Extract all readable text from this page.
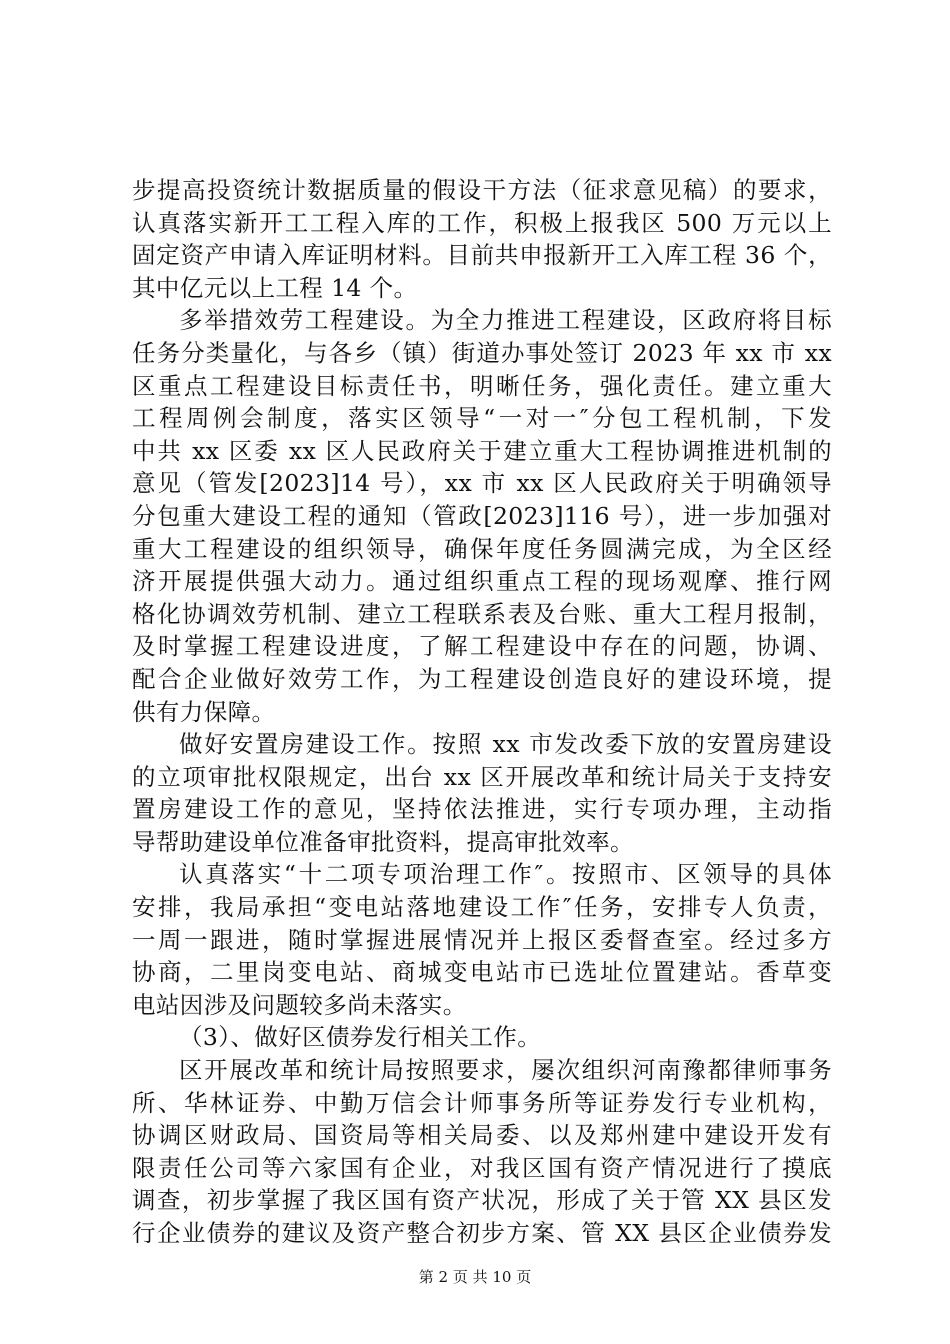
步提高投资统计数据质量的假设干方法（征求意见稿）的要求，
认真落实新开工工程入库的工作，积极上报我区 500 万元以上
固定资产申请入库证明材料。目前共申报新开工入库工程 36 个，
其中亿元以上工程 14 个。
多举措效劳工程建设。为全力推进工程建设，区政府将目标
任务分类量化，与各乡（镇）街道办事处签订 2023 年 xx 市 xx
区重点工程建设目标责任书，明晰任务，强化责任。建立重大
工程周例会制度，落实区领导“一对一″分包工程机制，下发
中共 xx 区委 xx 区人民政府关于建立重大工程协调推进机制的
意见（管发[2023]14 号），xx 市 xx 区人民政府关于明确领导
分包重大建设工程的通知（管政[2023]116 号），进一步加强对
重大工程建设的组织领导，确保年度任务圆满完成，为全区经
济开展提供强大动力。通过组织重点工程的现场观摩、推行网
格化协调效劳机制、建立工程联系表及台账、重大工程月报制，
及时掌握工程建设进度，了解工程建设中存在的问题，协调、
配合企业做好效劳工作，为工程建设创造良好的建设环境，提
供有力保障。
做好安置房建设工作。按照 xx 市发改委下放的安置房建设
的立项审批权限规定，出台 xx 区开展改革和统计局关于支持安
置房建设工作的意见，坚持依法推进，实行专项办理，主动指
导帮助建设单位准备审批资料，提高审批效率。
认真落实“十二项专项治理工作″。按照市、区领导的具体
安排，我局承担“变电站落地建设工作″任务，安排专人负责，
一周一跟进，随时掌握进展情况并上报区委督查室。经过多方
协商，二里岗变电站、商城变电站市已选址位置建站。香草变
电站因涉及问题较多尚未落实。
（3）、做好区债券发行相关工作。
区开展改革和统计局按照要求，屡次组织河南豫都律师事务
所、华林证券、中勤万信会计师事务所等证券发行专业机构，
协调区财政局、国资局等相关局委、以及郑州建中建设开发有
限责任公司等六家国有企业，对我区国有资产情况进行了摸底
调查，初步掌握了我区国有资产状况，形成了关于管 XX 县区发
行企业债券的建议及资产整合初步方案、管 XX 县区企业债券发
第 2 页 共 10 页
